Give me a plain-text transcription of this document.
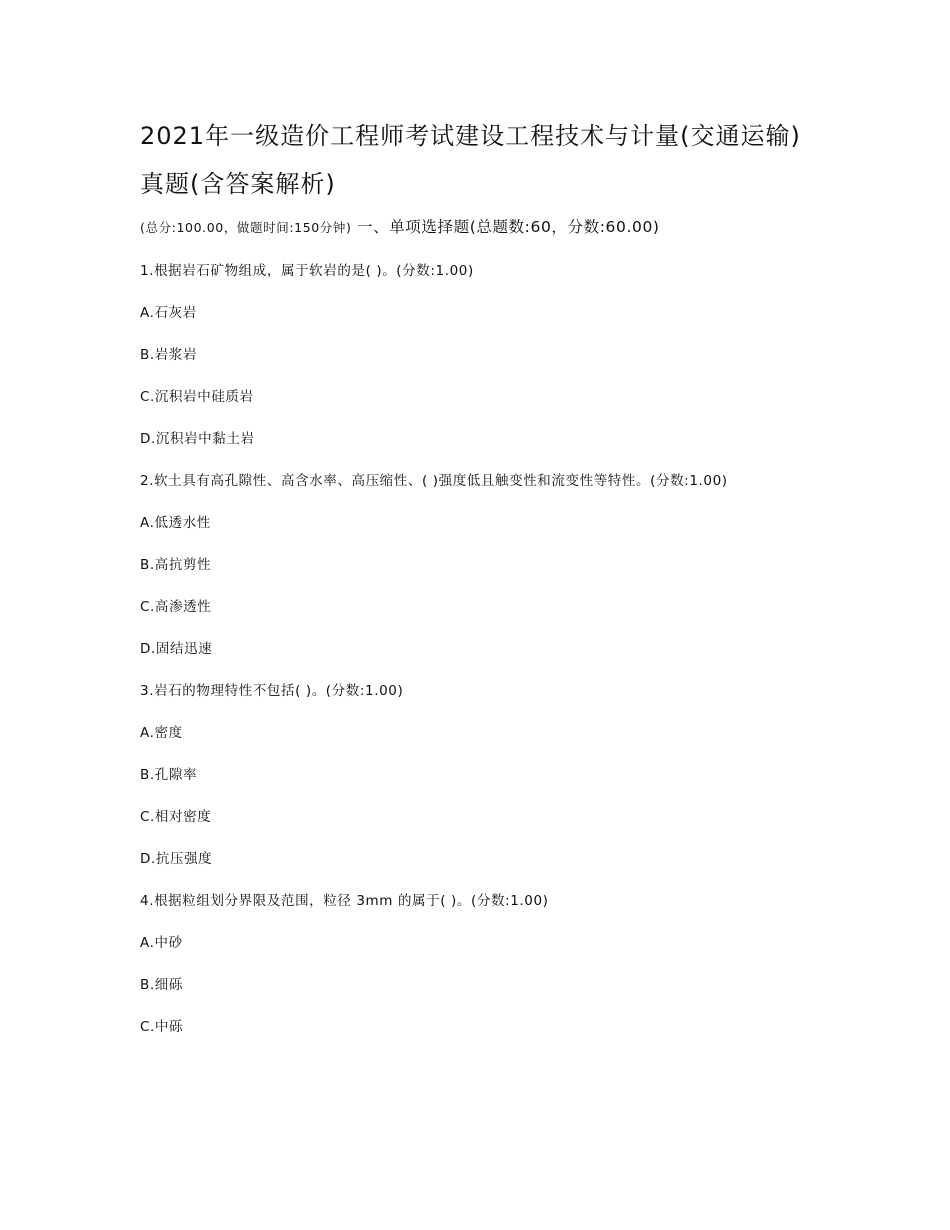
2021年一级造价工程师考试建设工程技术与计量(交通运输)
真题(含答案解析)
(总分:100.00，做题时间:150分钟) 一、单项选择题(总题数:60，分数:60.00)
1.根据岩石矿物组成，属于软岩的是( )。(分数:1.00)
A.石灰岩
B.岩浆岩
C.沉积岩中硅质岩
D.沉积岩中黏土岩
2.软土具有高孔隙性、高含水率、高压缩性、( )强度低且触变性和流变性等特性。(分数:1.00)
A.低透水性
B.高抗剪性
C.高渗透性
D.固结迅速
3.岩石的物理特性不包括( )。(分数:1.00)
A.密度
B.孔隙率
C.相对密度
D.抗压强度
4.根据粒组划分界限及范围，粒径 3mm 的属于( )。(分数:1.00)
A.中砂
B.细砾
C.中砾
